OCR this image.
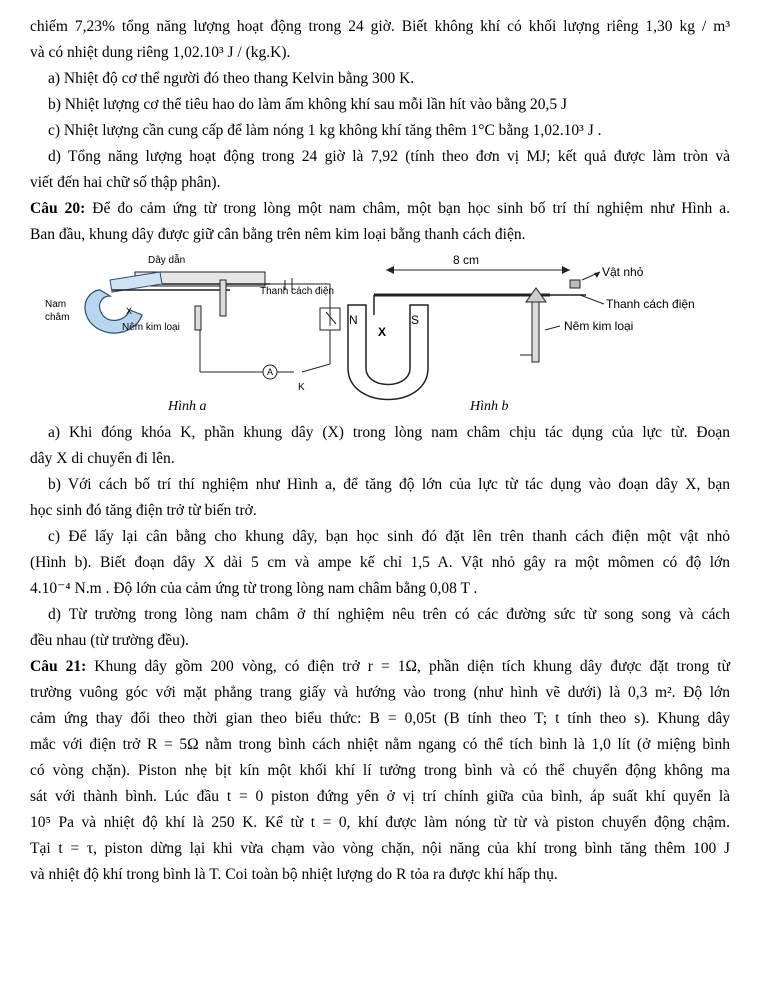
chiếm 7,23% tổng năng lượng hoạt động trong 24 giờ. Biết không khí có khối lượng riêng 1,30 kg / m³
và có nhiệt dung riêng 1,02.10³ J / (kg.K).
a) Nhiệt độ cơ thể người đó theo thang Kelvin bằng 300 K.
b) Nhiệt lượng cơ thể tiêu hao do làm ấm không khí sau mỗi lần hít vào bằng 20,5 J
c) Nhiệt lượng cần cung cấp để làm nóng 1 kg không khí tăng thêm 1°C bằng 1,02.10³ J .
d) Tổng năng lượng hoạt động trong 24 giờ là 7,92 (tính theo đơn vị MJ; kết quả được làm tròn và
viết đến hai chữ số thập phân).
Câu 20: Để đo cảm ứng từ trong lòng một nam châm, một bạn học sinh bố trí thí nghiệm như Hình a.
Ban đầu, khung dây được giữ cân bằng trên nêm kim loại bằng thanh cách điện.
A
K
Dây dẫn
Thanh cách điện
Nam
châm
Nêm kim loại
X
Hình a
8 cm
N	S
X
Vật nhỏ
Thanh cách điện
Nêm kim loại
Hình b
a) Khi đóng khóa K, phần khung dây (X) trong lòng nam châm chịu tác dụng của lực từ. Đoạn
dây X di chuyển đi lên.
b) Với cách bố trí thí nghiệm như Hình a, để tăng độ lớn của lực từ tác dụng vào đoạn dây X, bạn
học sinh đó tăng điện trở từ biến trở.
c) Để lấy lại cân bằng cho khung dây, bạn học sinh đó đặt lên trên thanh cách điện một vật nhỏ
(Hình b). Biết đoạn dây X dài 5 cm và ampe kế chỉ 1,5 A. Vật nhỏ gây ra một mômen có độ lớn
4.10⁻⁴ N.m . Độ lớn của cảm ứng từ trong lòng nam châm bằng 0,08 T .
d) Từ trường trong lòng nam châm ở thí nghiệm nêu trên có các đường sức từ song song và cách
đều nhau (từ trường đều).
Câu 21: Khung dây gồm 200 vòng, có điện trở r = 1Ω, phần diện tích khung dây được đặt trong từ
trường vuông góc với mặt phẳng trang giấy và hướng vào trong (như hình vẽ dưới) là 0,3 m². Độ lớn
cảm ứng thay đổi theo thời gian theo biểu thức: B = 0,05t (B tính theo T; t tính theo s). Khung dây
mắc với điện trở R = 5Ω nằm trong bình cách nhiệt nằm ngang có thể tích bình là 1,0 lít (ở miệng bình
có vòng chặn). Piston nhẹ bịt kín một khối khí lí tưởng trong bình và có thể chuyển động không ma
sát với thành bình. Lúc đầu t = 0 piston đứng yên ở vị trí chính giữa của bình, áp suất khí quyển là
10⁵ Pa và nhiệt độ khí là 250 K. Kể từ t = 0, khí được làm nóng từ từ và piston chuyển động chậm.
Tại t = τ, piston dừng lại khi vừa chạm vào vòng chặn, nội năng của khí trong bình tăng thêm 100 J
và nhiệt độ khí trong bình là T. Coi toàn bộ nhiệt lượng do R tỏa ra được khí hấp thụ.
